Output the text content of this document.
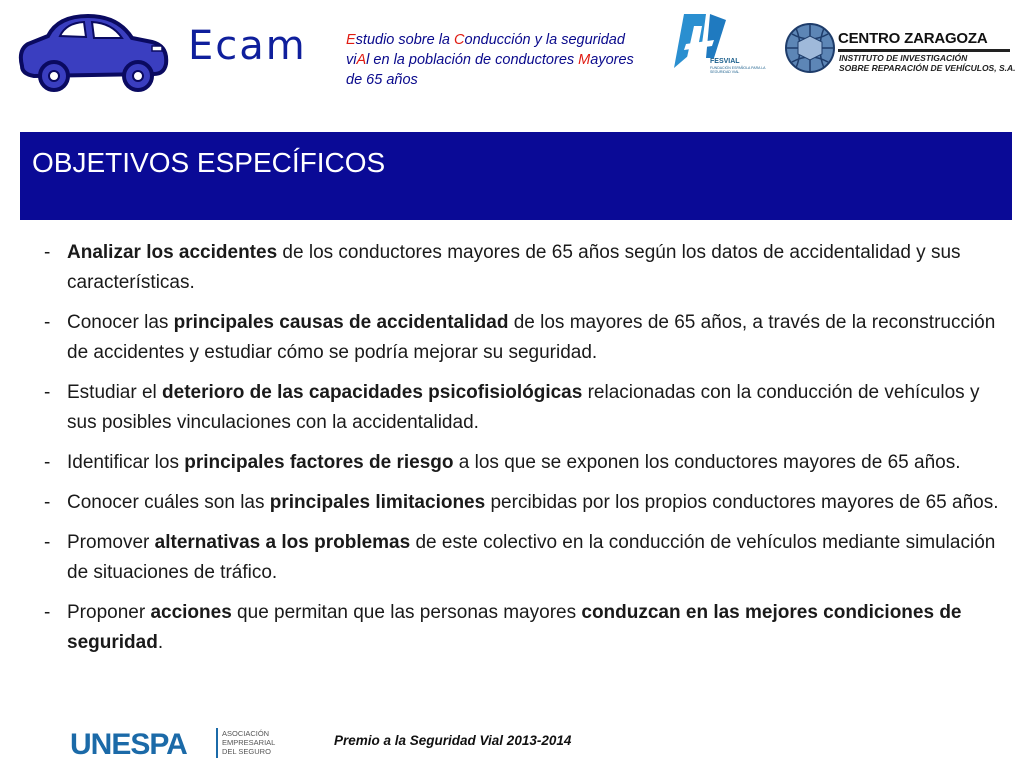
Ecam	Estudio sobre la Conducción y la seguridad viAl en la población de conductores Mayores de 65 años
FESVIAL
FUNDACIÓN ESPAÑOLA PARA LA SEGURIDAD VIAL
CENTRO ZARAGOZA
INSTITUTO DE INVESTIGACIÓN
SOBRE REPARACIÓN DE VEHÍCULOS, S.A.
OBJETIVOS ESPECÍFICOS
- Analizar los accidentes de los conductores mayores de 65 años según los datos de accidentalidad y sus características.
- Conocer las principales causas de accidentalidad de los mayores de 65 años, a través de la reconstrucción de accidentes y estudiar cómo se podría mejorar su seguridad.
- Estudiar el deterioro de las capacidades psicofisiológicas relacionadas con la conducción de vehículos y sus posibles vinculaciones con la accidentalidad.
- Identificar los principales factores de riesgo a los que se exponen los conductores mayores de 65 años.
- Conocer cuáles son las principales limitaciones percibidas por los propios conductores mayores de 65 años.
- Promover alternativas a los problemas de este colectivo en la conducción de vehículos mediante simulación de situaciones de tráfico.
- Proponer acciones que permitan que las personas mayores conduzcan en las mejores condiciones de seguridad.
UNESPA	ASOCIACIÓN
EMPRESARIAL
DEL SEGURO
Premio a la Seguridad Vial 2013-2014
